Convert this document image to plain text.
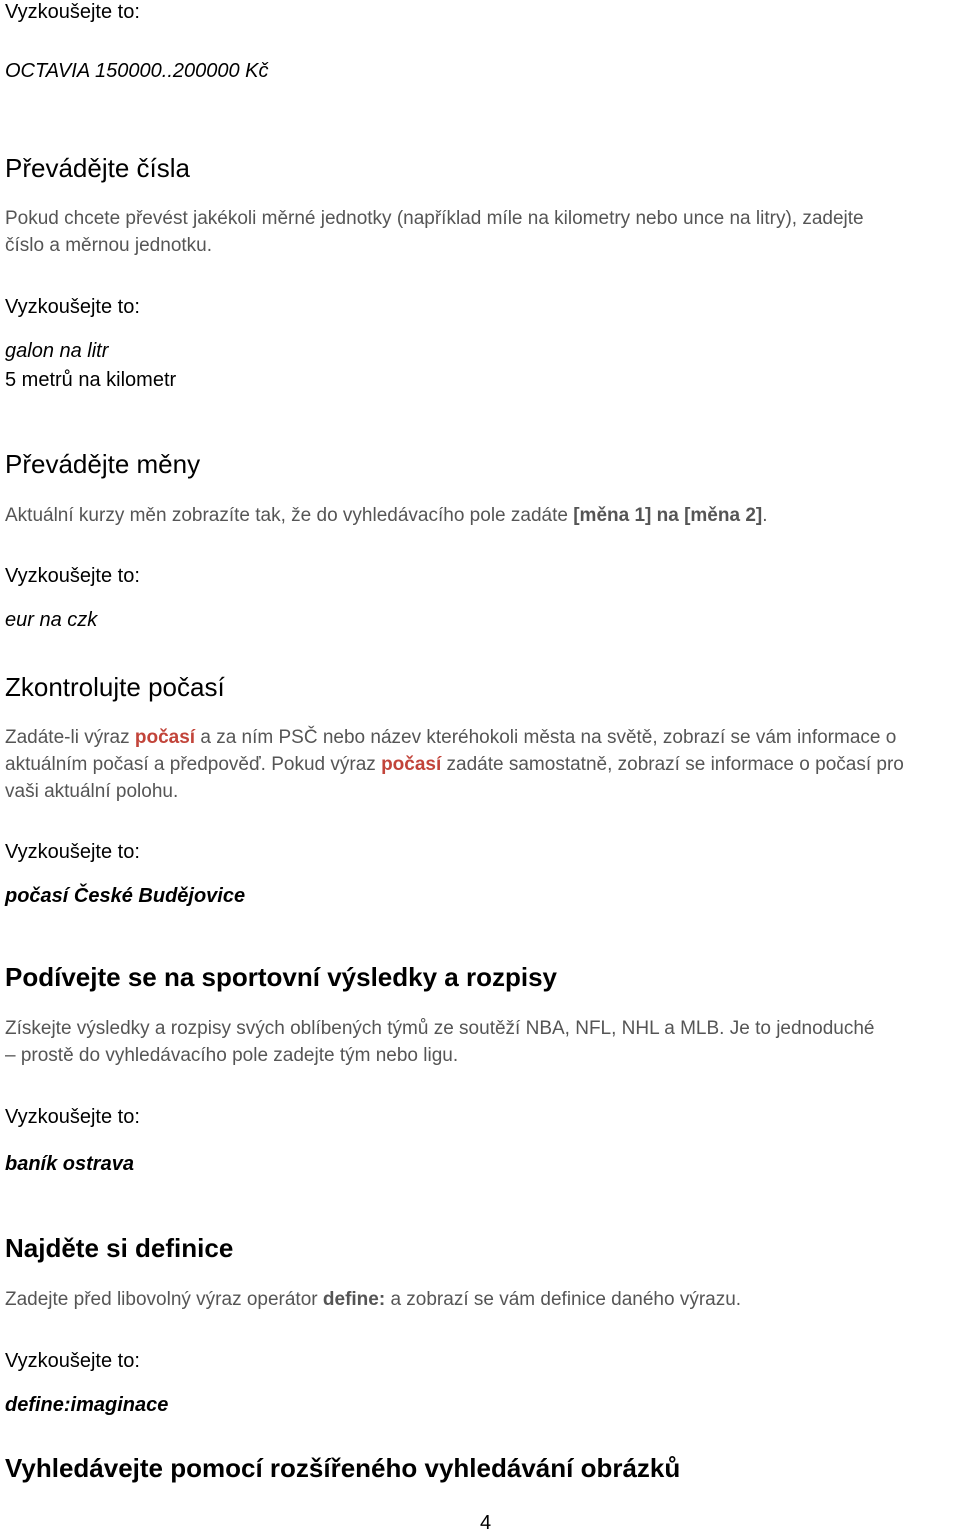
Vyzkoušejte to:
OCTAVIA 150000..200000 Kč
Převádějte čísla
Pokud chcete převést jakékoli měrné jednotky (například míle na kilometry nebo unce na litry), zadejte
číslo a měrnou jednotku.
Vyzkoušejte to:
galon na litr
5 metrů na kilometr
Převádějte měny
Aktuální kurzy měn zobrazíte tak, že do vyhledávacího pole zadáte [měna 1] na [měna 2].
Vyzkoušejte to:
eur na czk
Zkontrolujte počasí
Zadáte-li výraz počasí a za ním PSČ nebo název kteréhokoli města na světě, zobrazí se vám informace o
aktuálním počasí a předpověď. Pokud výraz počasí zadáte samostatně, zobrazí se informace o počasí pro
vaši aktuální polohu.
Vyzkoušejte to:
počasí České Budějovice
Podívejte se na sportovní výsledky a rozpisy
Získejte výsledky a rozpisy svých oblíbených týmů ze soutěží NBA, NFL, NHL a MLB. Je to jednoduché
– prostě do vyhledávacího pole zadejte tým nebo ligu.
Vyzkoušejte to:
baník ostrava
Najděte si definice
Zadejte před libovolný výraz operátor define: a zobrazí se vám definice daného výrazu.
Vyzkoušejte to:
define:imaginace
Vyhledávejte pomocí rozšířeného vyhledávání obrázků
4
